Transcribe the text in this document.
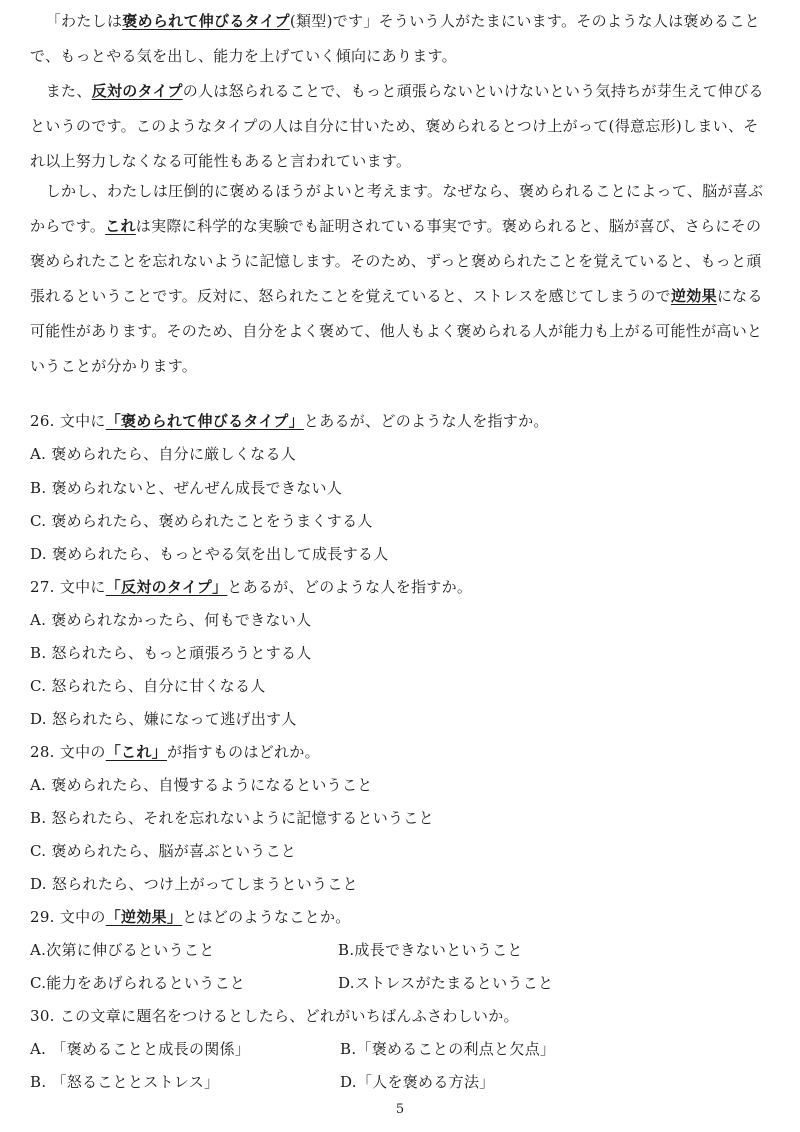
「わたしは褒められて伸びるタイプ(類型)です」そういう人がたまにいます。そのような人は褒めることで、もっとやる気を出し、能力を上げていく傾向にあります。

また、反対のタイプの人は怒られることで、もっと頑張らないといけないという気持ちが芽生えて伸びるというのです。このようなタイプの人は自分に甘いため、褒められるとつけ上がって(得意忘形)しまい、それ以上努力しなくなる可能性もあると言われています。

しかし、わたしは圧倒的に褒めるほうがよいと考えます。なぜなら、褒められることによって、脳が喜ぶからです。これは実際に科学的な実験でも証明されている事実です。褒められると、脳が喜び、さらにその褒められたことを忘れないように記憶します。そのため、ずっと褒められたことを覚えていると、もっと頑張れるということです。反対に、怒られたことを覚えていると、ストレスを感じてしまうので逆効果になる可能性があります。そのため、自分をよく褒めて、他人もよく褒められる人が能力も上がる可能性が高いということが分かります。

26. 文中に「褒められて伸びるタイプ」とあるが、どのような人を指すか。

A. 褒められたら、自分に厳しくなる人

B. 褒められないと、ぜんぜん成長できない人

C. 褒められたら、褒められたことをうまくする人

D. 褒められたら、もっとやる気を出して成長する人

27. 文中に「反対のタイプ」とあるが、どのような人を指すか。

A. 褒められなかったら、何もできない人

B. 怒られたら、もっと頑張ろうとする人

C. 怒られたら、自分に甘くなる人

D. 怒られたら、嫌になって逃げ出す人

28. 文中の「これ」が指すものはどれか。

A. 褒められたら、自慢するようになるということ

B. 怒られたら、それを忘れないように記憶するということ

C. 褒められたら、脳が喜ぶということ

D. 怒られたら、つけ上がってしまうということ

29. 文中の「逆効果」とはどのようなことか。

A.次第に伸びるということ	B.成長できないということ

C.能力をあげられるということ	D.ストレスがたまるということ

30. この文章に題名をつけるとしたら、どれがいちばんふさわしいか。

A. 「褒めることと成長の関係」	B.「褒めることの利点と欠点」

B. 「怒ることとストレス」	D.「人を褒める方法」

5
